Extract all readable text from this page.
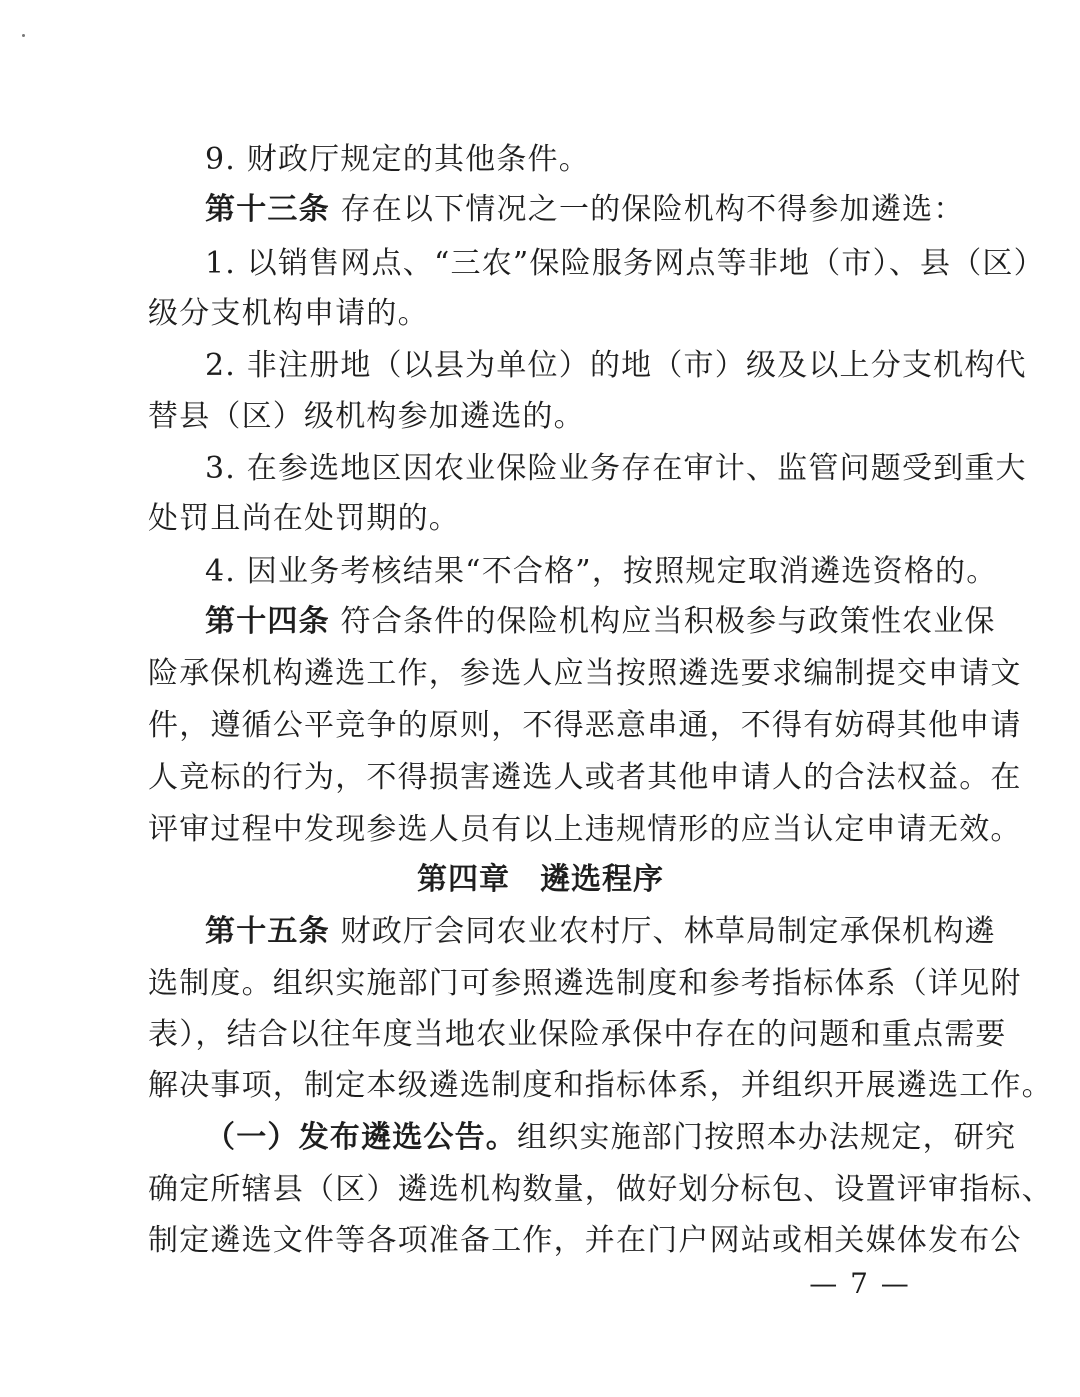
9. 财政厅规定的其他条件。
第十三条 存在以下情况之一的保险机构不得参加遴选：
1. 以销售网点、“三农”保险服务网点等非地（市）、县（区）
级分支机构申请的。
2. 非注册地（以县为单位）的地（市）级及以上分支机构代
替县（区）级机构参加遴选的。
3. 在参选地区因农业保险业务存在审计、监管问题受到重大
处罚且尚在处罚期的。
4. 因业务考核结果“不合格”，按照规定取消遴选资格的。
第十四条 符合条件的保险机构应当积极参与政策性农业保
险承保机构遴选工作，参选人应当按照遴选要求编制提交申请文
件，遵循公平竞争的原则，不得恶意串通，不得有妨碍其他申请
人竞标的行为，不得损害遴选人或者其他申请人的合法权益。在
评审过程中发现参选人员有以上违规情形的应当认定申请无效。
第四章 遴选程序
第十五条 财政厅会同农业农村厅、林草局制定承保机构遴
选制度。组织实施部门可参照遴选制度和参考指标体系（详见附
表），结合以往年度当地农业保险承保中存在的问题和重点需要
解决事项，制定本级遴选制度和指标体系，并组织开展遴选工作。
（一）发布遴选公告。组织实施部门按照本办法规定，研究
确定所辖县（区）遴选机构数量，做好划分标包、设置评审指标、
制定遴选文件等各项准备工作，并在门户网站或相关媒体发布公
— 7 —
